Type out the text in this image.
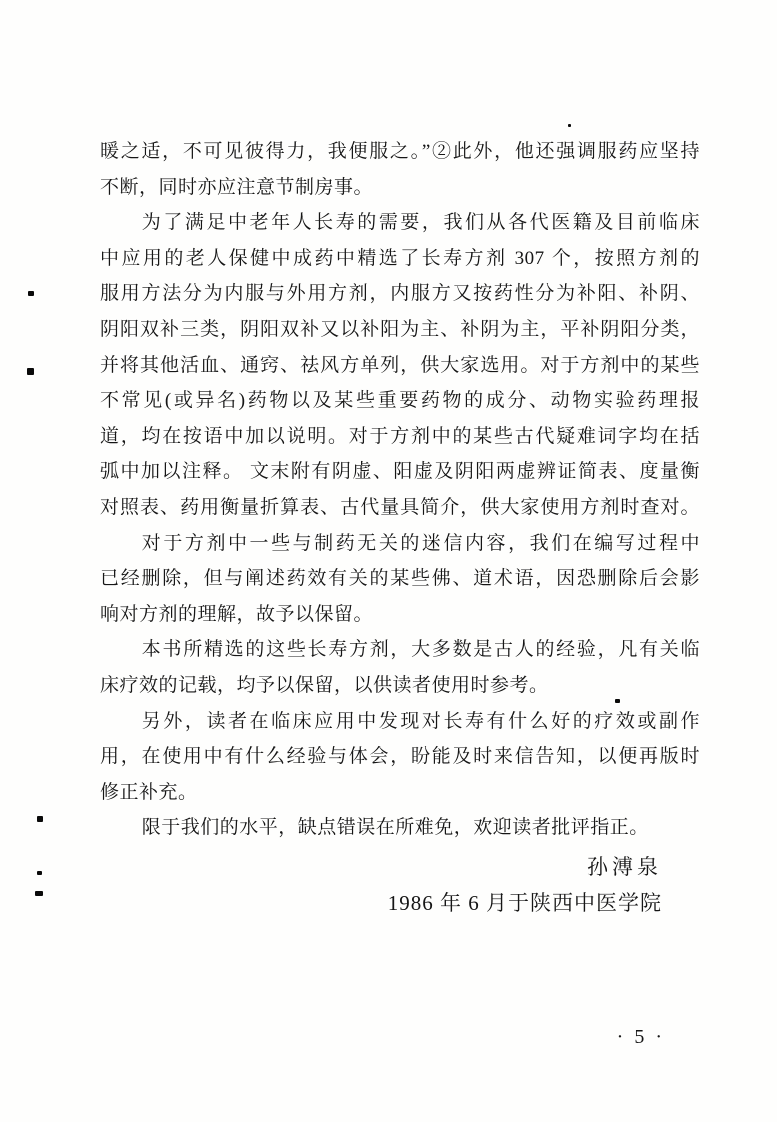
暖之适，不可见彼得力，我便服之。”②此外，他还强调服药应坚持
不断，同时亦应注意节制房事。
为了满足中老年人长寿的需要，我们从各代医籍及目前临床
中应用的老人保健中成药中精选了长寿方剂 307 个，按照方剂的
服用方法分为内服与外用方剂，内服方又按药性分为补阳、补阴、
阴阳双补三类，阴阳双补又以补阳为主、补阴为主，平补阴阳分类，
并将其他活血、通窍、祛风方单列，供大家选用。对于方剂中的某些
不常见(或异名)药物以及某些重要药物的成分、动物实验药理报
道，均在按语中加以说明。对于方剂中的某些古代疑难词字均在括
弧中加以注释。 文末附有阴虚、阳虚及阴阳两虚辨证简表、度量衡
对照表、药用衡量折算表、古代量具简介，供大家使用方剂时查对。
对于方剂中一些与制药无关的迷信内容，我们在编写过程中
已经删除，但与阐述药效有关的某些佛、道术语，因恐删除后会影
响对方剂的理解，故予以保留。
本书所精选的这些长寿方剂，大多数是古人的经验，凡有关临
床疗效的记载，均予以保留，以供读者使用时参考。
另外，读者在临床应用中发现对长寿有什么好的疗效或副作
用，在使用中有什么经验与体会，盼能及时来信告知，以便再版时
修正补充。
限于我们的水平，缺点错误在所难免，欢迎读者批评指正。
孙溥泉
1986 年 6 月于陕西中医学院
· 5 ·
